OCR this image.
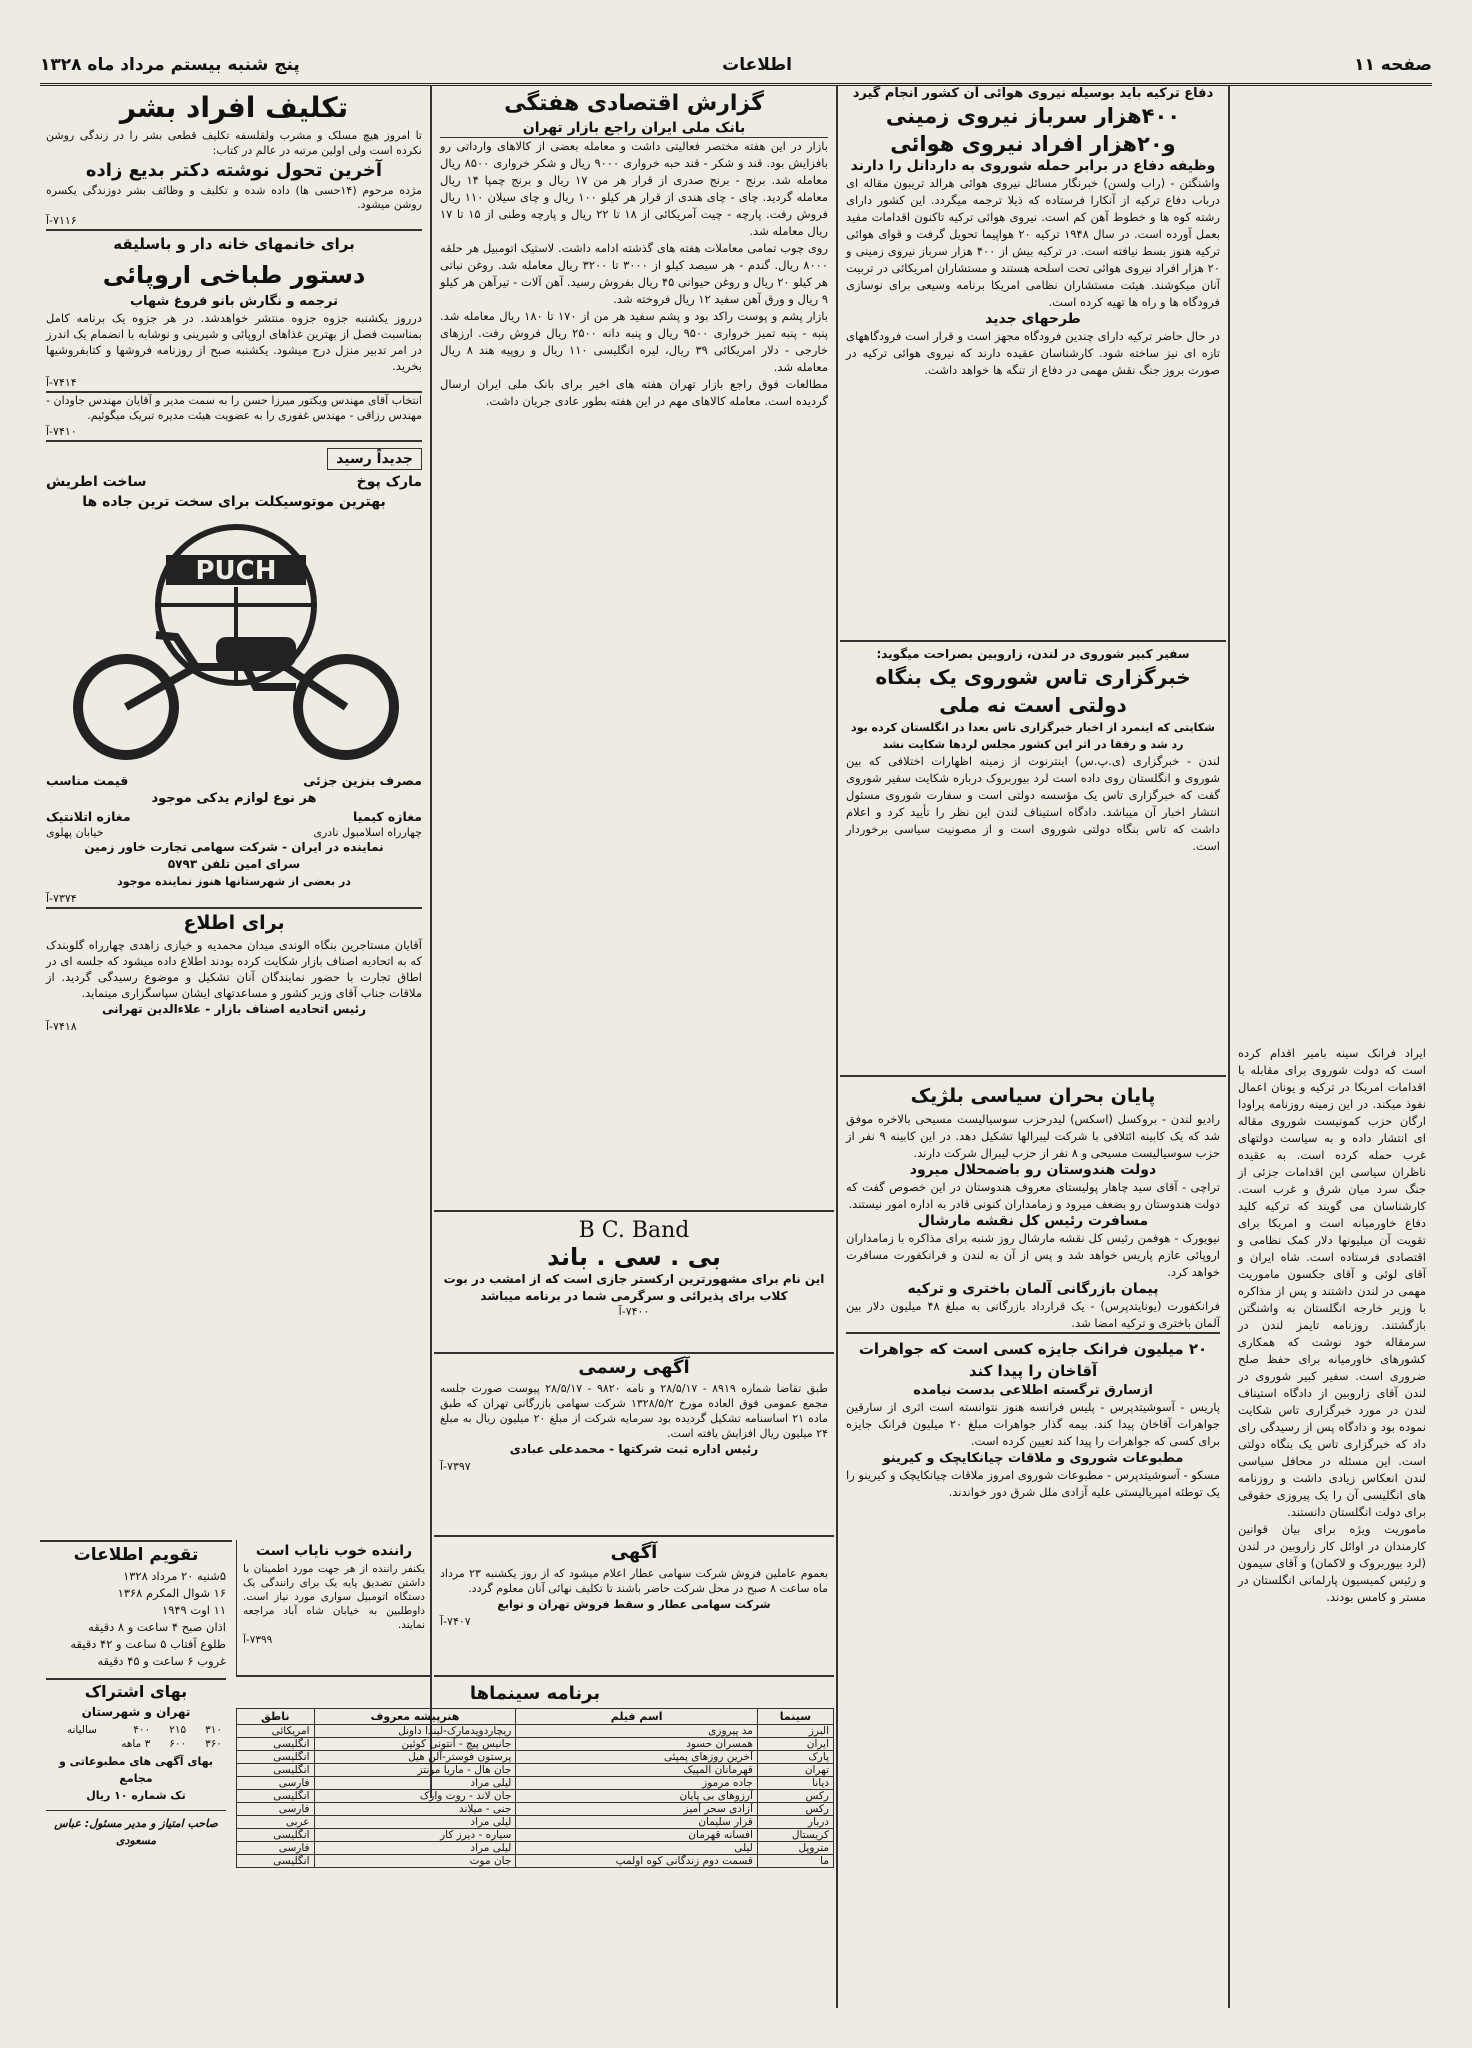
صفحه ۱۱
اطلاعات
پنج شنبه بیستم مرداد ماه ۱۳۲۸

ایراد فرانک سینه بامیر اقدام کرده است که دولت شوروی برای مقابله با اقدامات امریکا در ترکیه و یونان اعمال نفوذ میکند. در این زمینه روزنامه پراودا ارگان حزب کمونیست شوروی مقاله ای انتشار داده و به سیاست دولتهای غرب حمله کرده است. به عقیده ناظران سیاسی این اقدامات جزئی از جنگ سرد میان شرق و غرب است. کارشناسان می گویند که ترکیه کلید دفاع خاورمیانه است و امریکا برای تقویت آن میلیونها دلار کمک نظامی و اقتصادی فرستاده است. شاه ایران و آقای لوئی و آقای جکسون ماموریت مهمی در لندن داشتند و پس از مذاکره با وزیر خارجه انگلستان به واشنگتن بازگشتند. روزنامه تایمز لندن در سرمقاله خود نوشت که همکاری کشورهای خاورمیانه برای حفظ صلح ضروری است. سفیر کبیر شوروی در لندن آقای زاروبین از دادگاه استیناف لندن در مورد خبرگزاری تاس شکایت نموده بود و دادگاه پس از رسیدگی رای داد که خبرگزاری تاس یک بنگاه دولتی است. این مسئله در محافل سیاسی لندن انعکاس زیادی داشت و روزنامه های انگلیسی آن را یک پیروزی حقوقی برای دولت انگلستان دانستند.

ماموریت ویژه برای بیان قوانین کارمندان در اوائل کار زاروبین در لندن (لرد بیوربروک و لاکمان) و آقای سیمون و رئیس کمیسیون پارلمانی انگلستان در مستر و کامس بودند.

دفاع ترکیه باید بوسیله نیروی هوائی آن کشور انجام گیرد
۴۰۰هزار سرباز نیروی زمینی و۲۰هزار افراد نیروی هوائی
وظیفه دفاع در برابر حمله شوروی به داردانل را دارند

واشنگتن - (راب ولسن) خبرنگار مسائل نیروی هوائی هرالد تریبون مقاله ای درباب دفاع ترکیه از آنکارا فرستاده که ذیلا ترجمه میگردد. این کشور دارای رشته کوه ها و خطوط آهن کم است. نیروی هوائی ترکیه تاکنون اقدامات مفید بعمل آورده است. در سال ۱۹۴۸ ترکیه ۲۰ هواپیما تحویل گرفت و قوای هوائی ترکیه هنوز بسط نیافته است. در ترکیه بیش از ۴۰۰ هزار سرباز نیروی زمینی و ۲۰ هزار افراد نیروی هوائی تحت اسلحه هستند و مستشاران امریکائی در تربیت آنان میکوشند. هیئت مستشاران نظامی امریکا برنامه وسیعی برای نوسازی فرودگاه ها و راه ها تهیه کرده است.

طرحهای جدید

در حال حاضر ترکیه دارای چندین فرودگاه مجهز است و قرار است فرودگاههای تازه ای نیز ساخته شود. کارشناسان عقیده دارند که نیروی هوائی ترکیه در صورت بروز جنگ نقش مهمی در دفاع از تنگه ها خواهد داشت.

سفیر کبیر شوروی در لندن، زاروبین بصراحت میگوید:
خبرگزاری تاس شوروی یک بنگاه دولتی است نه ملی
شکایتی که اینمرد از اخبار خبرگزاری تاس بعدا در انگلستان کرده بود رد شد و رفقا در اثر این کشور مجلس لردها شکایت نشد

لندن - خبرگزاری (ی.پ.س) اینترنوت از زمینه اظهارات اختلافی که بین شوروی و انگلستان روی داده است لرد بیوربروک درباره شکایت سفیر شوروی گفت که خبرگزاری تاس یک مؤسسه دولتی است و سفارت شوروی مسئول انتشار اخبار آن میباشد. دادگاه استیناف لندن این نظر را تأیید کرد و اعلام داشت که تاس بنگاه دولتی شوروی است و از مصونیت سیاسی برخوردار است.

پایان بحران سیاسی بلژیک

رادیو لندن - بروکسل (اسکس) لیدرحزب سوسیالیست مسیحی بالاخره موفق شد که یک کابینه ائتلافی با شرکت لیبرالها تشکیل دهد. در این کابینه ۹ نفر از حزب سوسیالیست مسیحی و ۸ نفر از حزب لیبرال شرکت دارند.

دولت هندوستان رو باضمحلال میرود

تراچی - آقای سید چاهار پولیستای معروف هندوستان در این خصوص گفت که دولت هندوستان رو بضعف میرود و زمامداران کنونی قادر به اداره امور نیستند.

مسافرت رئیس کل نقشه مارشال

نیویورک - هوفمن رئیس کل نقشه مارشال روز شنبه برای مذاکره با زمامداران اروپائی عازم پاریس خواهد شد و پس از آن به لندن و فرانکفورت مسافرت خواهد کرد.

پیمان بازرگانی آلمان باختری و ترکیه

فرانکفورت (یونایتدپرس) - یک قرارداد بازرگانی به مبلغ ۴۸ میلیون دلار بین آلمان باختری و ترکیه امضا شد.

۲۰ میلیون فرانک جایزه کسی است که جواهرات آقاخان را پیدا کند
ازسارق ترگسته اطلاعی بدست نیامده

پاریس - آسوشیتدپرس - پلیس فرانسه هنوز نتوانسته است اثری از سارقین جواهرات آقاخان پیدا کند. بیمه گذار جواهرات مبلغ ۲۰ میلیون فرانک جایزه برای کسی که جواهرات را پیدا کند تعیین کرده است.

مطبوعات شوروی و ملاقات چیانکایچک و کیرینو

مسکو - آسوشیتدپرس - مطبوعات شوروی امروز ملاقات چیانکایچک و کیرینو را یک توطئه امپریالیستی علیه آزادی ملل شرق دور خواندند.

گزارش اقتصادی هفتگی
بانک ملی ایران راجع بازار تهران

بازار در این هفته مختصر فعالیتی داشت و معامله بعضی از کالاهای وارداتی رو بافزایش بود. قند و شکر - قند حبه خرواری ۹۰۰۰ ریال و شکر خرواری ۸۵۰۰ ریال معامله شد. برنج - برنج صدری از قرار هر من ۱۷ ریال و برنج چمپا ۱۴ ریال معامله گردید. چای - چای هندی از قرار هر کیلو ۱۰۰ ریال و چای سیلان ۱۱۰ ریال فروش رفت. پارچه - چیت آمریکائی از ۱۸ تا ۲۲ ریال و پارچه وطنی از ۱۵ تا ۱۷ ریال معامله شد.

روی چوب تمامی معاملات هفته های گذشته ادامه داشت. لاستیک اتومبیل هر حلقه ۸۰۰۰ ریال. گندم - هر سیصد کیلو از ۳۰۰۰ تا ۳۲۰۰ ریال معامله شد. روغن نباتی هر کیلو ۲۰ ریال و روغن حیوانی ۴۵ ریال بفروش رسید. آهن آلات - تیرآهن هر کیلو ۹ ریال و ورق آهن سفید ۱۲ ریال فروخته شد.

بازار پشم و پوست راکد بود و پشم سفید هر من از ۱۷۰ تا ۱۸۰ ریال معامله شد. پنبه - پنبه تمیز خرواری ۹۵۰۰ ریال و پنبه دانه ۲۵۰۰ ریال فروش رفت. ارزهای خارجی - دلار امریکائی ۳۹ ریال، لیره انگلیسی ۱۱۰ ریال و روپیه هند ۸ ریال معامله شد.

مطالعات فوق راجع بازار تهران هفته های اخیر برای بانک ملی ایران ارسال گردیده است. معامله کالاهای مهم در این هفته بطور عادی جریان داشت.

B C. Band
بی . سی . باند
این نام برای مشهورترین ارکستر جازی است که از امشب در بوت کلاب برای پذیرائی و سرگرمی شما در برنامه میباشد
۷۴۰۰-آ
آگهی رسمی

طبق تقاضا شماره ۸۹۱۹ - ۲۸/۵/۱۷ و نامه ۹۸۲۰ - ۲۸/۵/۱۷ پیوست صورت جلسه مجمع عمومی فوق العاده مورخ ۱۳۲۸/۵/۲ شرکت سهامی بازرگانی تهران که طبق ماده ۲۱ اساسنامه تشکیل گردیده بود سرمایه شرکت از مبلغ ۲۰ میلیون ریال به مبلغ ۲۴ میلیون ریال افزایش یافته است.

رئیس اداره ثبت شرکتها - محمدعلی عبادی
۷۳۹۷-آ
آگهی

بعموم عاملین فروش شرکت سهامی عطار اعلام میشود که از روز یکشنبه ۲۳ مرداد ماه ساعت ۸ صبح در محل شرکت حاضر باشند تا تکلیف نهائی آنان معلوم گردد.

شرکت سهامی عطار و سقط فروش تهران و توابع
۷۴۰۷-آ
راننده خوب نایاب است

یکنفر راننده از هر جهت مورد اطمینان با داشتن تصدیق پایه یک برای رانندگی یک دستگاه اتومبیل سواری مورد نیاز است. داوطلبین به خیابان شاه آباد مراجعه نمایند.

۷۳۹۹-آ
برنامه سینماها
سینما	اسم فیلم	هنرپیشه معروف	ناطق
البرز	مد پیروزی	ریچاردویدمارک-لیندا داونل	امریکائی
ایران	همسران حسود	جانیس پیچ - آنتونی کوئین	انگلیسی
پارک	آخرین روزهای پمپئی	پرستون فوستر-آلن هیل	انگلیسی
تهران	قهرمانان المپیک	جان هال - ماریا مونتز	انگلیسی
دیانا	جاده مرموز	لیلی مراد	فارسی
رکس	آرزوهای بی پایان	جان لاند - روت وارک	انگلیسی
رکس	آزادی سحر آمیز	جنی - میلاند	فارسی
دربار	قرار سلیمان	لیلی مراد	عربی
کریستال	افسانه قهرمان	سیاره - دیرز کار	انگلیسی
متروپل	لیلی	لیلی مراد	فارسی
ما	قسمت دوم زندگانی کوه اولمپ	جان موت	انگلیسی
تکلیف افراد بشر

تا امروز هیچ مسلک و مشرب ولقلسفه تکلیف قطعی بشر را در زندگی روشن نکرده است ولی اولین مرتبه در عالم در کتاب:

آخرین تحول نوشته دکتر بدیع زاده

مژده مرحوم (۱۴حسی ها) داده شده و تکلیف و وظائف بشر دوزندگی یکسره روشن میشود.

۷۱۱۶-آ
برای خانمهای خانه دار و باسلیقه
دستور طباخی اروپائی
ترجمه و نگارش بانو فروغ شهاب

درروز یکشنبه جزوه جزوه منتشر خواهدشد. در هر جزوه یک برنامه کامل بمناسبت فصل از بهترین غذاهای اروپائی و شیرینی و نوشابه با انضمام یک اندرز در امر تدبیر منزل درج میشود. یکشنبه صبح از روزنامه فروشها و کتابفروشیها بخرید.

۷۴۱۴-آ

انتخاب آقای مهندس ویکتور میرزا حسن را به سمت مدیر و آقایان مهندس جاودان - مهندس رزاقی - مهندس غفوری را به عضویت هیئت مدیره تبریک میگوئیم.

۷۴۱۰-آ
جدیداً رسید
مارک پوخ
ساخت اطریش
بهترین موتوسیکلت برای سخت ترین جاده ها
PUCH
مصرف بنزین جزئی
قیمت مناسب
هر نوع لوازم یدکی موجود
مغازه کیمیا
مغازه اتلانتیک
چهارراه اسلامبول نادری
خیابان پهلوی
نماینده در ایران - شرکت سهامی تجارت خاور زمین
سرای امین تلفن ۵۷۹۳
در بعضی از شهرستانها هنوز نماینده موجود
۷۳۷۴-آ
برای اطلاع

آقایان مستاجرین بنگاه الوندی میدان محمدیه و خیازی زاهدی چهارراه گلوبندک که به اتحادیه اصناف بازار شکایت کرده بودند اطلاع داده میشود که جلسه ای در اطاق تجارت با حضور نمایندگان آنان تشکیل و موضوع رسیدگی گردید. از ملاقات جناب آقای وزیر کشور و مساعدتهای ایشان سپاسگزاری مینماید.

رئیس اتحادیه اصناف بازار - علاءالدین تهرانی
۷۴۱۸-آ
تقویم اطلاعات
۵شنبه ۲۰ مرداد ۱۳۲۸
۱۶ شوال المکرم ۱۳۶۸
۱۱ اوت ۱۹۴۹
اذان صبح ۴ ساعت و ۸ دقیقه
طلوع آفتاب ۵ ساعت و ۴۲ دقیقه
غروب ۶ ساعت و ۴۵ دقیقه
بهای اشتراک
تهران و شهرستان
۳۱۰	۲۱۵	۴۰۰	ساليانه
۳۶۰	۶۰۰	۳ ماهه	
بهای آگهی های مطبوعاتی و مجامع
تک شماره ۱۰ ریال
صاحب امتیاز و مدیر مسئول: عباس مسعودی
